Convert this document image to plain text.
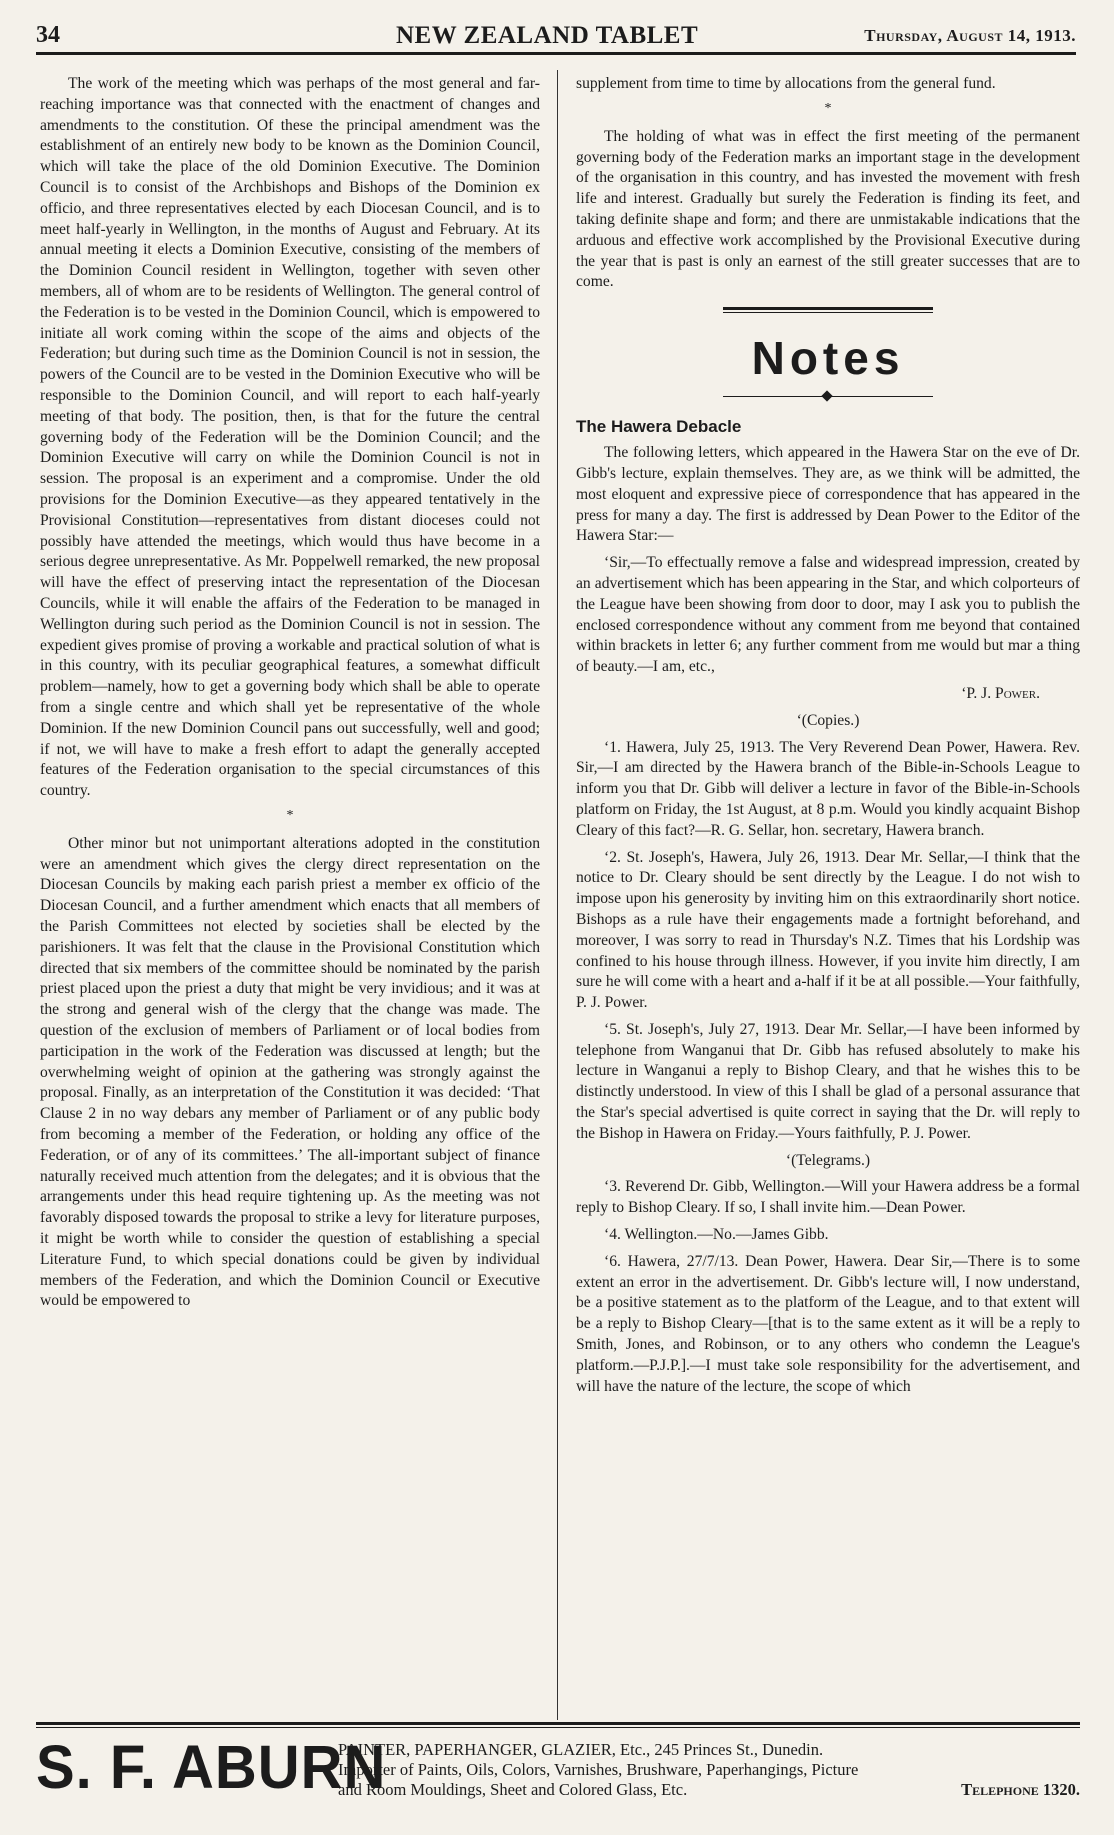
34	NEW ZEALAND TABLET	Thursday, August 14, 1913.

The work of the meeting which was perhaps of the most general and far-reaching importance was that connected with the enactment of changes and amendments to the constitution. Of these the principal amendment was the establishment of an entirely new body to be known as the Dominion Council, which will take the place of the old Dominion Executive. The Dominion Council is to consist of the Archbishops and Bishops of the Dominion ex officio, and three representatives elected by each Diocesan Council, and is to meet half-yearly in Wellington, in the months of August and February. At its annual meeting it elects a Dominion Executive, consisting of the members of the Dominion Council resident in Wellington, together with seven other members, all of whom are to be residents of Wellington. The general control of the Federation is to be vested in the Dominion Council, which is empowered to initiate all work coming within the scope of the aims and objects of the Federation; but during such time as the Dominion Council is not in session, the powers of the Council are to be vested in the Dominion Executive who will be responsible to the Dominion Council, and will report to each half-yearly meeting of that body. The position, then, is that for the future the central governing body of the Federation will be the Dominion Council; and the Dominion Executive will carry on while the Dominion Council is not in session. The proposal is an experiment and a compromise. Under the old provisions for the Dominion Executive—as they appeared tentatively in the Provisional Constitution—representatives from distant dioceses could not possibly have attended the meetings, which would thus have become in a serious degree unrepresentative. As Mr. Poppelwell remarked, the new proposal will have the effect of preserving intact the representation of the Diocesan Councils, while it will enable the affairs of the Federation to be managed in Wellington during such period as the Dominion Council is not in session. The expedient gives promise of proving a workable and practical solution of what is in this country, with its peculiar geographical features, a somewhat difficult problem—namely, how to get a governing body which shall be able to operate from a single centre and which shall yet be representative of the whole Dominion. If the new Dominion Council pans out successfully, well and good; if not, we will have to make a fresh effort to adapt the generally accepted features of the Federation organisation to the special circumstances of this country.

*

Other minor but not unimportant alterations adopted in the constitution were an amendment which gives the clergy direct representation on the Diocesan Councils by making each parish priest a member ex officio of the Diocesan Council, and a further amendment which enacts that all members of the Parish Committees not elected by societies shall be elected by the parishioners. It was felt that the clause in the Provisional Constitution which directed that six members of the committee should be nominated by the parish priest placed upon the priest a duty that might be very invidious; and it was at the strong and general wish of the clergy that the change was made. The question of the exclusion of members of Parliament or of local bodies from participation in the work of the Federation was discussed at length; but the overwhelming weight of opinion at the gathering was strongly against the proposal. Finally, as an interpretation of the Constitution it was decided: ‘That Clause 2 in no way debars any member of Parliament or of any public body from becoming a member of the Federation, or holding any office of the Federation, or of any of its committees.’ The all-important subject of finance naturally received much attention from the delegates; and it is obvious that the arrangements under this head require tightening up. As the meeting was not favorably disposed towards the proposal to strike a levy for literature purposes, it might be worth while to consider the question of establishing a special Literature Fund, to which special donations could be given by individual members of the Federation, and which the Dominion Council or Executive would be empowered to

supplement from time to time by allocations from the general fund.

*

The holding of what was in effect the first meeting of the permanent governing body of the Federation marks an important stage in the development of the organisation in this country, and has invested the movement with fresh life and interest. Gradually but surely the Federation is finding its feet, and taking definite shape and form; and there are unmistakable indications that the arduous and effective work accomplished by the Provisional Executive during the year that is past is only an earnest of the still greater successes that are to come.

Notes
The Hawera Debacle

The following letters, which appeared in the Hawera Star on the eve of Dr. Gibb's lecture, explain themselves. They are, as we think will be admitted, the most eloquent and expressive piece of correspondence that has appeared in the press for many a day. The first is addressed by Dean Power to the Editor of the Hawera Star:—

‘Sir,—To effectually remove a false and widespread impression, created by an advertisement which has been appearing in the Star, and which colporteurs of the League have been showing from door to door, may I ask you to publish the enclosed correspondence without any comment from me beyond that contained within brackets in letter 6; any further comment from me would but mar a thing of beauty.—I am, etc.,

‘P. J. Power.

‘(Copies.)

‘1. Hawera, July 25, 1913. The Very Reverend Dean Power, Hawera. Rev. Sir,—I am directed by the Hawera branch of the Bible-in-Schools League to inform you that Dr. Gibb will deliver a lecture in favor of the Bible-in-Schools platform on Friday, the 1st August, at 8 p.m. Would you kindly acquaint Bishop Cleary of this fact?—R. G. Sellar, hon. secretary, Hawera branch.

‘2. St. Joseph's, Hawera, July 26, 1913. Dear Mr. Sellar,—I think that the notice to Dr. Cleary should be sent directly by the League. I do not wish to impose upon his generosity by inviting him on this extraordinarily short notice. Bishops as a rule have their engagements made a fortnight beforehand, and moreover, I was sorry to read in Thursday's N.Z. Times that his Lordship was confined to his house through illness. However, if you invite him directly, I am sure he will come with a heart and a-half if it be at all possible.—Your faithfully, P. J. Power.

‘5. St. Joseph's, July 27, 1913. Dear Mr. Sellar,—I have been informed by telephone from Wanganui that Dr. Gibb has refused absolutely to make his lecture in Wanganui a reply to Bishop Cleary, and that he wishes this to be distinctly understood. In view of this I shall be glad of a personal assurance that the Star's special advertised is quite correct in saying that the Dr. will reply to the Bishop in Hawera on Friday.—Yours faithfully, P. J. Power.

‘(Telegrams.)

‘3. Reverend Dr. Gibb, Wellington.—Will your Hawera address be a formal reply to Bishop Cleary. If so, I shall invite him.—Dean Power.

‘4. Wellington.—No.—James Gibb.

‘6. Hawera, 27/7/13. Dean Power, Hawera. Dear Sir,—There is to some extent an error in the advertisement. Dr. Gibb's lecture will, I now understand, be a positive statement as to the platform of the League, and to that extent will be a reply to Bishop Cleary—[that is to the same extent as it will be a reply to Smith, Jones, and Robinson, or to any others who condemn the League's platform.—P.J.P.].—I must take sole responsibility for the advertisement, and will have the nature of the lecture, the scope of which

S. F. ABURN
PAINTER, PAPERHANGER, GLAZIER, Etc., 245 Princes St., Dunedin.
Importer of Paints, Oils, Colors, Varnishes, Brushware, Paperhangings, Picture
and Room Mouldings, Sheet and Colored Glass, Etc.	Telephone 1320.
